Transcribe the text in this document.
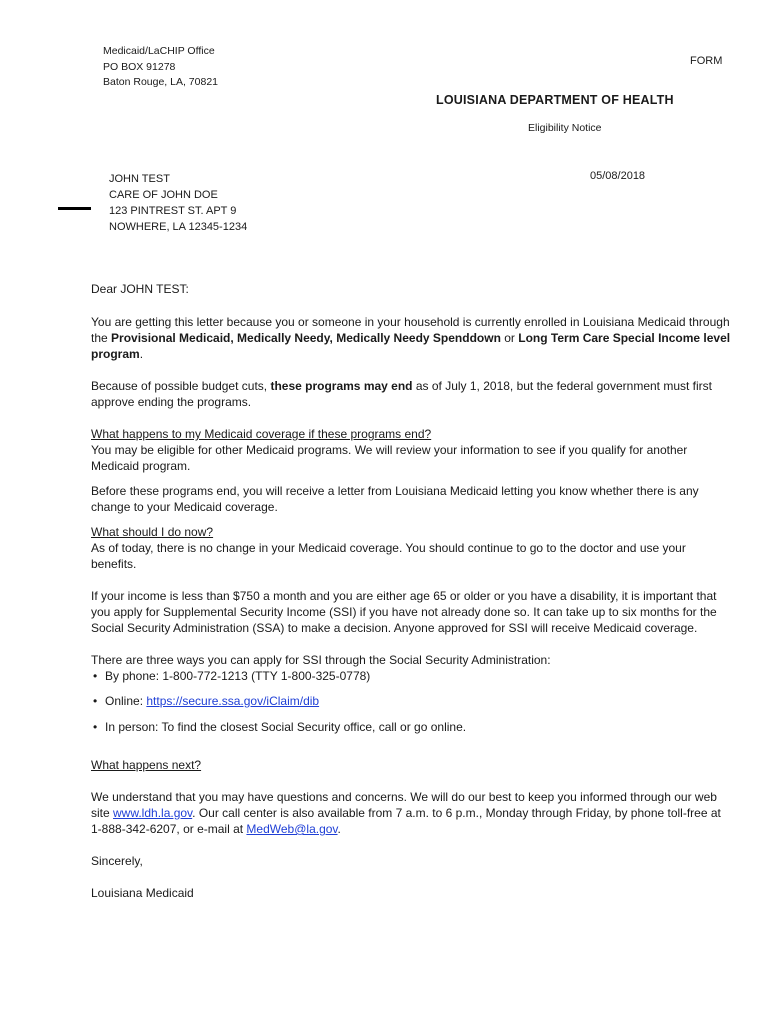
Medicaid/LaCHIP Office
PO BOX 91278
Baton Rouge, LA, 70821
FORM
LOUISIANA DEPARTMENT OF HEALTH
Eligibility Notice
05/08/2018
JOHN TEST
CARE OF JOHN DOE
123 PINTREST ST. APT 9
NOWHERE, LA 12345-1234

Dear JOHN TEST:

You are getting this letter because you or someone in your household is currently enrolled in Louisiana Medicaid through the Provisional Medicaid, Medically Needy, Medically Needy Spenddown or Long Term Care Special Income level program.

Because of possible budget cuts, these programs may end as of July 1, 2018, but the federal government must first approve ending the programs.

What happens to my Medicaid coverage if these programs end?

You may be eligible for other Medicaid programs. We will review your information to see if you qualify for another Medicaid program.

Before these programs end, you will receive a letter from Louisiana Medicaid letting you know whether there is any change to your Medicaid coverage.

What should I do now?

As of today, there is no change in your Medicaid coverage. You should continue to go to the doctor and use your benefits.

If your income is less than $750 a month and you are either age 65 or older or you have a disability, it is important that you apply for Supplemental Security Income (SSI) if you have not already done so. It can take up to six months for the Social Security Administration (SSA) to make a decision. Anyone approved for SSI will receive Medicaid coverage.

There are three ways you can apply for SSI through the Social Security Administration:

• By phone: 1-800-772-1213 (TTY 1-800-325-0778)
• Online: https://secure.ssa.gov/iClaim/dib
• In person: To find the closest Social Security office, call or go online.

What happens next?

We understand that you may have questions and concerns. We will do our best to keep you informed through our web site www.ldh.la.gov. Our call center is also available from 7 a.m. to 6 p.m., Monday through Friday, by phone toll-free at 1-888-342-6207, or e-mail at MedWeb@la.gov.

Sincerely,

Louisiana Medicaid
